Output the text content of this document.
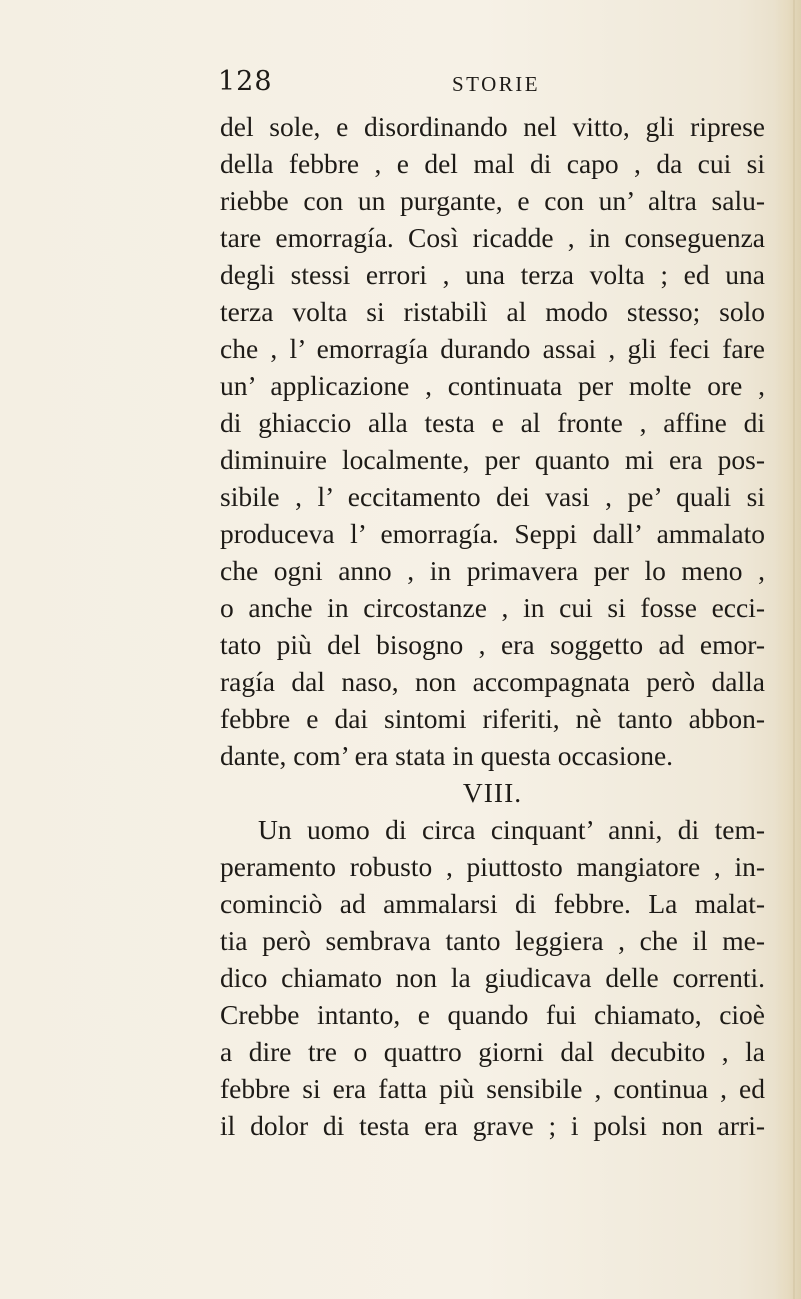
128	STORIE
del sole, e disordinando nel vitto, gli riprese
della febbre , e del mal di capo , da cui si
riebbe con un purgante, e con un’ altra salu-
tare emorragía. Così ricadde , in conseguenza
degli stessi errori , una terza volta ; ed una
terza volta si ristabilì al modo stesso; solo
che , l’ emorragía durando assai , gli feci fare
un’ applicazione , continuata per molte ore ,
di ghiaccio alla testa e al fronte , affine di
diminuire localmente, per quanto mi era pos-
sibile , l’ eccitamento dei vasi , pe’ quali si
produceva l’ emorragía. Seppi dall’ ammalato
che ogni anno , in primavera per lo meno ,
o anche in circostanze , in cui si fosse ecci-
tato più del bisogno , era soggetto ad emor-
ragía dal naso, non accompagnata però dalla
febbre e dai sintomi riferiti, nè tanto abbon-
dante, com’ era stata in questa occasione.
VIII.
Un uomo di circa cinquant’ anni, di tem-
peramento robusto , piuttosto mangiatore , in-
cominciò ad ammalarsi di febbre. La malat-
tia però sembrava tanto leggiera , che il me-
dico chiamato non la giudicava delle correnti.
Crebbe intanto, e quando fui chiamato, cioè
a dire tre o quattro giorni dal decubito , la
febbre si era fatta più sensibile , continua , ed
il dolor di testa era grave ; i polsi non arri-
